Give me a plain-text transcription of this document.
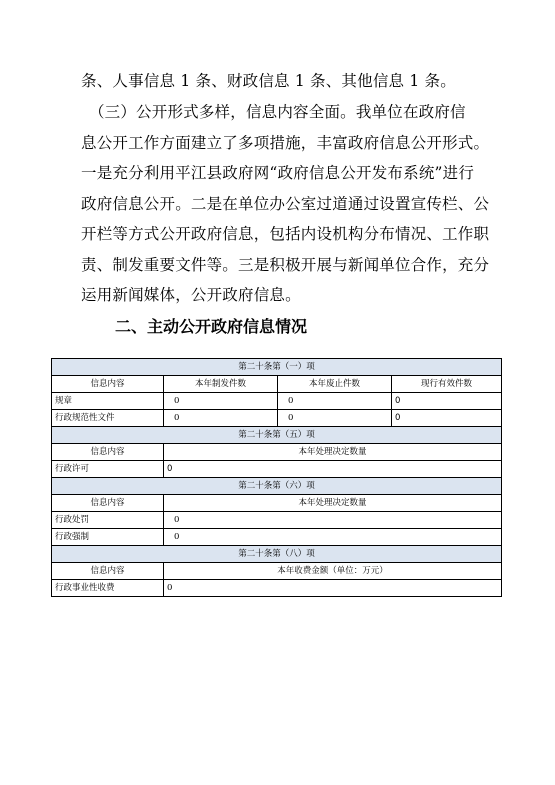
条、人事信息 1 条、财政信息 1 条、其他信息 1 条。

　（三）公开形式多样，信息内容全面。我单位在政府信
息公开工作方面建立了多项措施，丰富政府信息公开形式。
一是充分利用平江县政府网“政府信息公开发布系统”进行
政府信息公开。二是在单位办公室过道通过设置宣传栏、公
开栏等方式公开政府信息，包括内设机构分布情况、工作职
责、制发重要文件等。三是积极开展与新闻单位合作，充分
运用新闻媒体，公开政府信息。

二、主动公开政府信息情况
第二十条第（一）项			
信息内容	本年制发件数	本年废止件数	现行有效件数
规章	0	0	0
行政规范性文件	0	0	0
第二十条第（五）项			
信息内容	本年处理决定数量		
行政许可	0		
第二十条第（六）项			
信息内容	本年处理决定数量		
行政处罚	0		
行政强制	0		
第二十条第（八）项			
信息内容	本年收费金额（单位：万元）		
行政事业性收费	0		
